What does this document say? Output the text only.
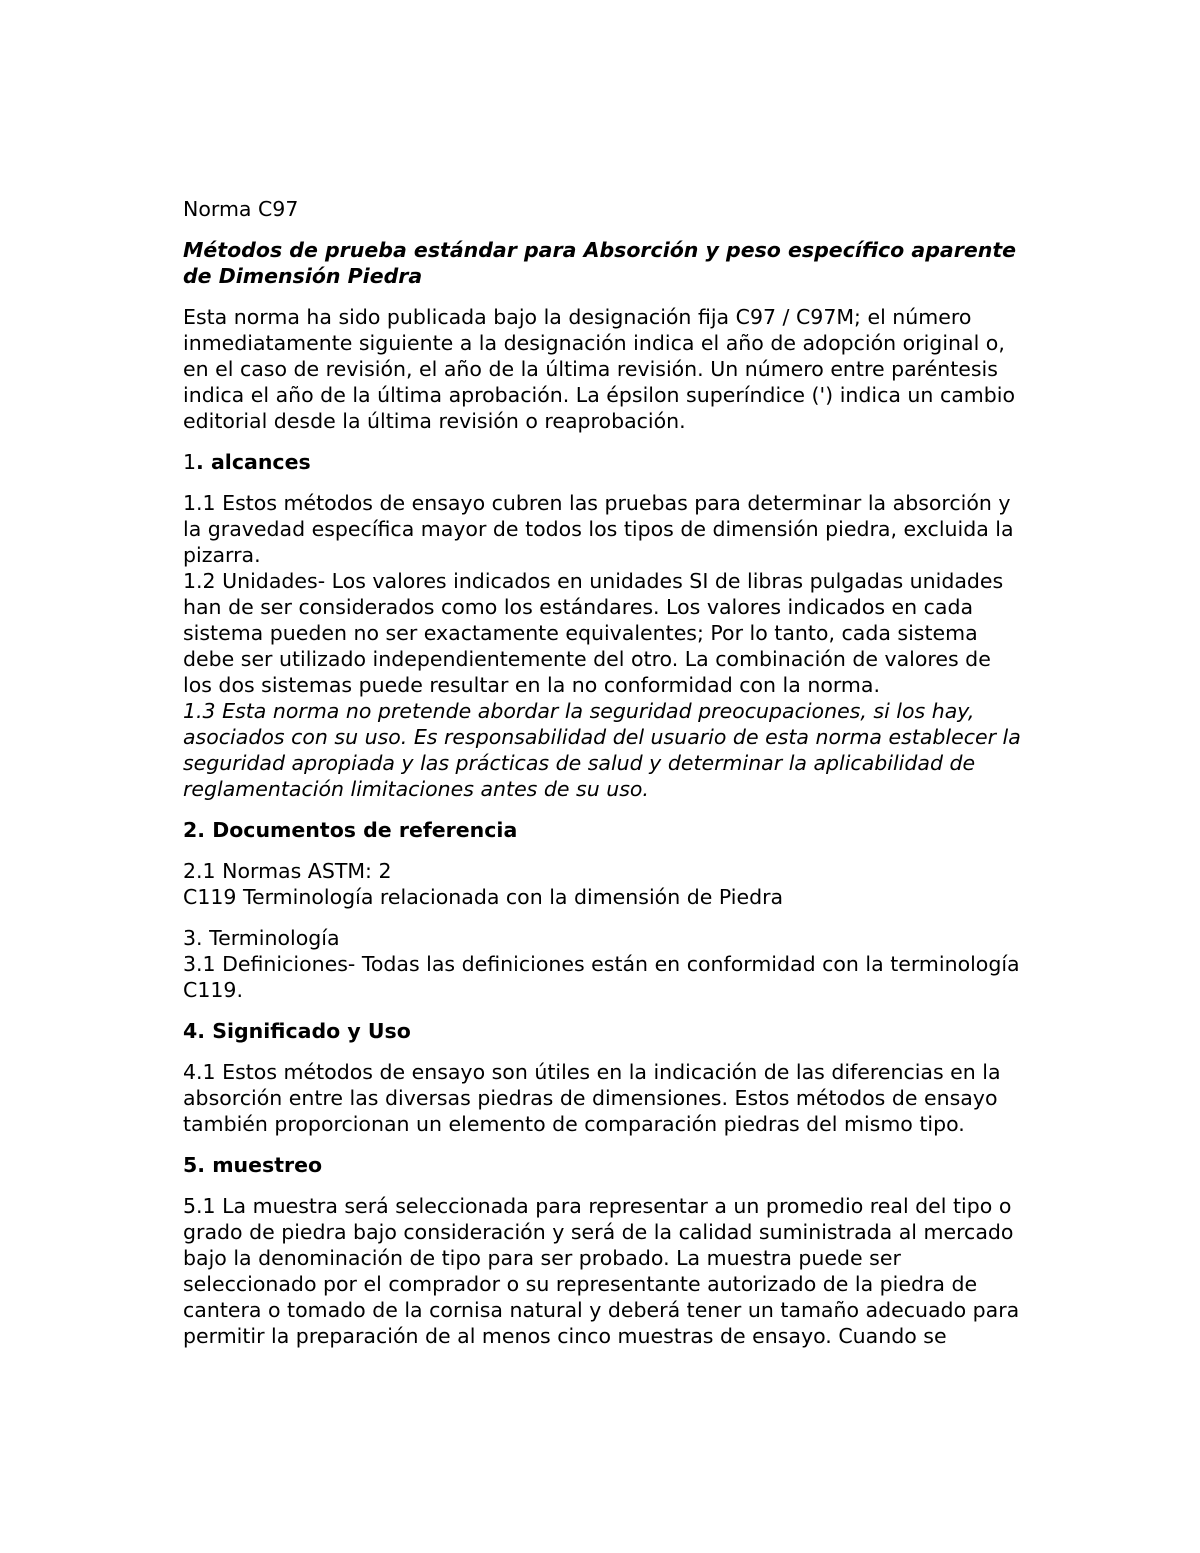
Norma C97

Métodos de prueba estándar para Absorción y peso específico aparente de Dimensión Piedra

Esta norma ha sido publicada bajo la designación fija C97 / C97M; el número inmediatamente siguiente a la designación indica el año de adopción original o, en el caso de revisión, el año de la última revisión. Un número entre paréntesis indica el año de la última aprobación. La épsilon superíndice (') indica un cambio editorial desde la última revisión o reaprobación.

1. alcances

1.1 Estos métodos de ensayo cubren las pruebas para determinar la absorción y la gravedad específica mayor de todos los tipos de dimensión piedra, excluida la pizarra.

1.2 Unidades- Los valores indicados en unidades SI de libras pulgadas unidades han de ser considerados como los estándares. Los valores indicados en cada sistema pueden no ser exactamente equivalentes; Por lo tanto, cada sistema debe ser utilizado independientemente del otro. La combinación de valores de los dos sistemas puede resultar en la no conformidad con la norma.

1.3 Esta norma no pretende abordar la seguridad preocupaciones, si los hay, asociados con su uso. Es responsabilidad del usuario de esta norma establecer la seguridad apropiada y las prácticas de salud y determinar la aplicabilidad de reglamentación limitaciones antes de su uso.

2. Documentos de referencia

2.1 Normas ASTM: 2

C119 Terminología relacionada con la dimensión de Piedra

3. Terminología

3.1 Definiciones- Todas las definiciones están en conformidad con la terminología C119.

4. Significado y Uso

4.1 Estos métodos de ensayo son útiles en la indicación de las diferencias en la absorción entre las diversas piedras de dimensiones. Estos métodos de ensayo también proporcionan un elemento de comparación piedras del mismo tipo.

5. muestreo

5.1 La muestra será seleccionada para representar a un promedio real del tipo o grado de piedra bajo consideración y será de la calidad suministrada al mercado bajo la denominación de tipo para ser probado. La muestra puede ser seleccionado por el comprador o su representante autorizado de la piedra de cantera o tomado de la cornisa natural y deberá tener un tamaño adecuado para permitir la preparación de al menos cinco muestras de ensayo. Cuando se
